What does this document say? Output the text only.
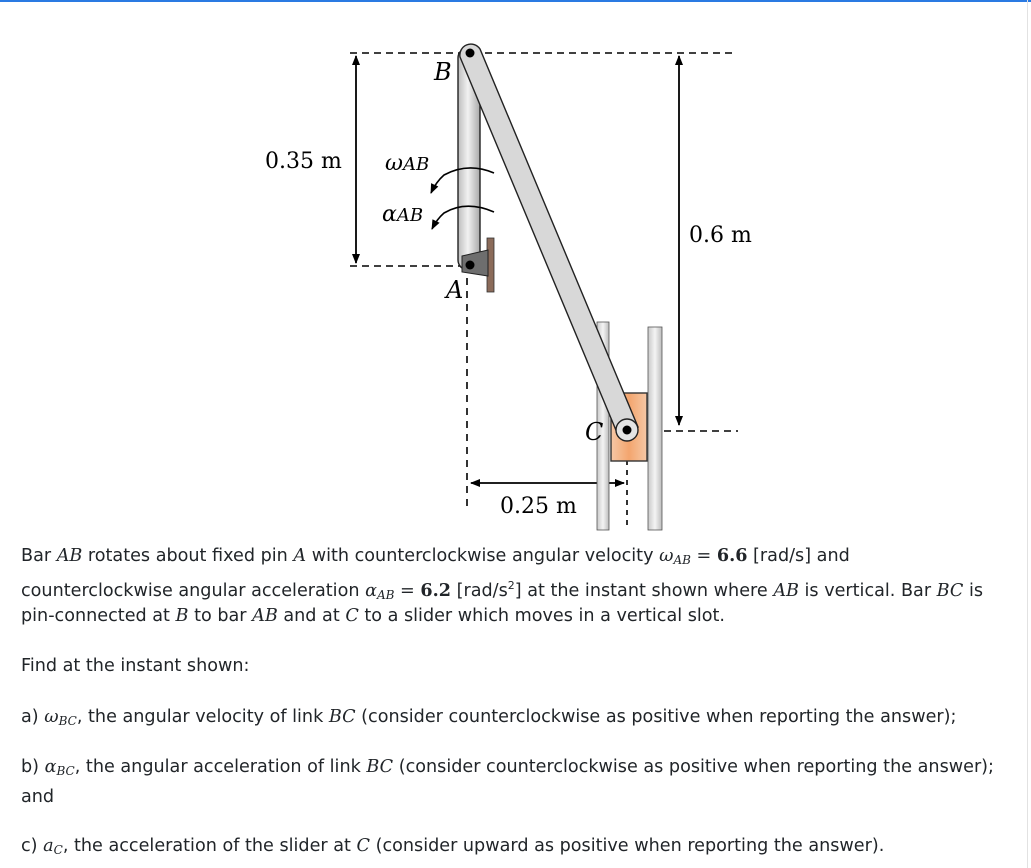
B
A
C
ωAB
αAB
0.35 m
0.6 m
0.25 m

Bar AB rotates about fixed pin A with counterclockwise angular velocity $\omega_{AB} = 6.6$ [rad/s] and

counterclockwise angular acceleration $\alpha_{AB} = 6.2$ $[rad/s^2]$ at the instant shown where AB is vertical. Bar BC is

pin-connected at B to bar AB and at C to a slider which moves in a vertical slot.

Find at the instant shown:

a) $\omega_{BC}$, the angular velocity of link BC (consider counterclockwise as positive when reporting the answer);

b) $\alpha_{BC}$, the angular acceleration of link BC (consider counterclockwise as positive when reporting the answer);

and

c) $a_C$, the acceleration of the slider at C (consider upward as positive when reporting the answer).
